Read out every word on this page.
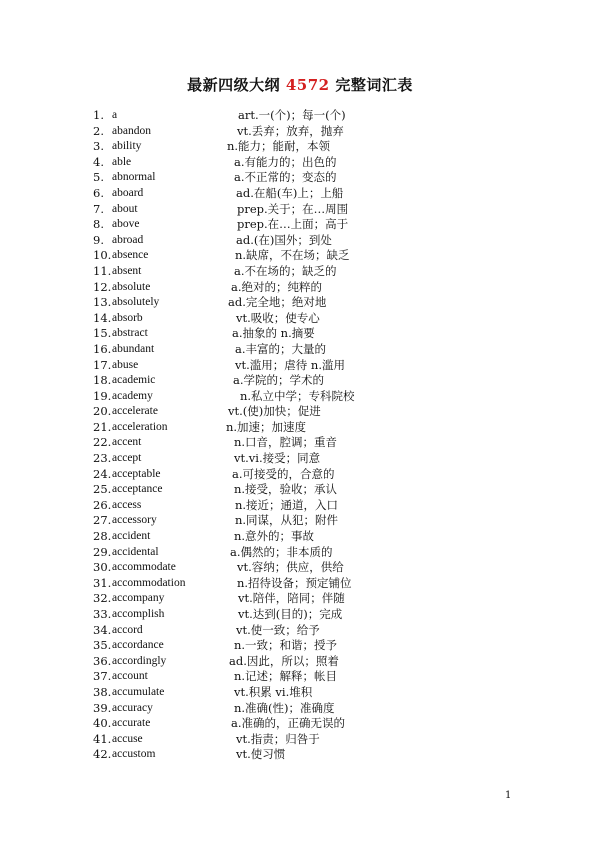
最新四级大纲 4572 完整词汇表
1. a	art.一(个)；每一(个)
2. abandon	vt.丢弃；放弃，抛弃
3. ability	n.能力；能耐，本领
4. able	a.有能力的；出色的
5. abnormal	a.不正常的；变态的
6. aboard	ad.在船(车)上；上船
7. about	prep.关于；在…周围
8. above	prep.在…上面；高于
9. abroad	ad.(在)国外；到处
10. absence	n.缺席，不在场；缺乏
11. absent	a.不在场的；缺乏的
12. absolute	a.绝对的；纯粹的
13. absolutely	ad.完全地；绝对地
14. absorb	vt.吸收；使专心
15. abstract	a.抽象的 n.摘要
16. abundant	a.丰富的；大量的
17. abuse	vt.滥用；虐待 n.滥用
18. academic	a.学院的；学术的
19. academy	n.私立中学；专科院校
20. accelerate	vt.(使)加快；促进
21. acceleration	n.加速；加速度
22. accent	n.口音，腔调；重音
23. accept	vt.vi.接受；同意
24. acceptable	a.可接受的，合意的
25. acceptance	n.接受，验收；承认
26. access	n.接近；通道，入口
27. accessory	n.同谋，从犯；附件
28. accident	n.意外的；事故
29. accidental	a.偶然的；非本质的
30. accommodate	vt.容纳；供应，供给
31. accommodation	n.招待设备；预定铺位
32. accompany	vt.陪伴，陪同；伴随
33. accomplish	vt.达到(目的)；完成
34. accord	vt.使一致；给予
35. accordance	n.一致；和谐；授予
36. accordingly	ad.因此，所以；照着
37. account	n.记述；解释；帐目
38. accumulate	vt.积累 vi.堆积
39. accuracy	n.准确(性)；准确度
40. accurate	a.准确的，正确无误的
41. accuse	vt.指责；归咎于
42. accustom	vt.使习惯
1
